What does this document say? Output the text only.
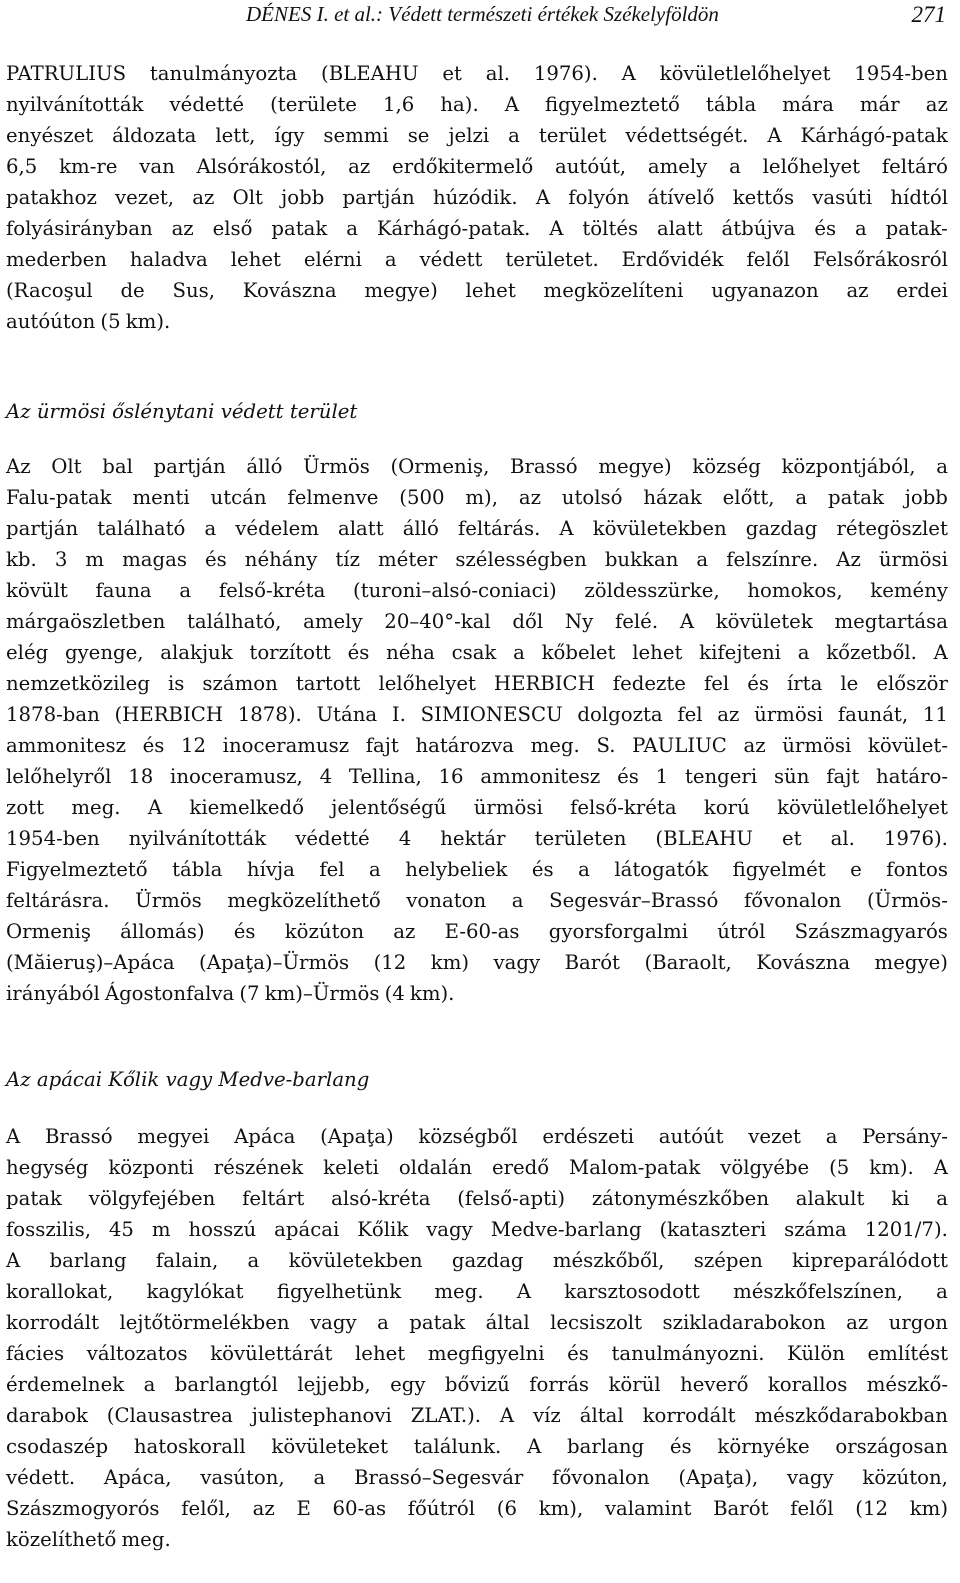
DÉNES I. et al.: Védett természeti értékek Székelyföldön	271
PATRULIUS tanulmányozta (BLEAHU et al. 1976). A kövületlelőhelyet 1954-ben
nyilvánították védetté (területe 1,6 ha). A figyelmeztető tábla mára már az
enyészet áldozata lett, így semmi se jelzi a terület védettségét. A Kárhágó-patak
6,5 km-re van Alsórákostól, az erdőkitermelő autóút, amely a lelőhelyet feltáró
patakhoz vezet, az Olt jobb partján húzódik. A folyón átívelő kettős vasúti hídtól
folyásirányban az első patak a Kárhágó-patak. A töltés alatt átbújva és a patak-
mederben haladva lehet elérni a védett területet. Erdővidék felől Felsőrákosról
(Racoşul de Sus, Kovászna megye) lehet megközelíteni ugyanazon az erdei
autóúton (5 km).
Az ürmösi őslénytani védett terület
Az Olt bal partján álló Ürmös (Ormeniş, Brassó megye) község központjából, a
Falu-patak menti utcán felmenve (500 m), az utolsó házak előtt, a patak jobb
partján található a védelem alatt álló feltárás. A kövületekben gazdag rétegöszlet
kb. 3 m magas és néhány tíz méter szélességben bukkan a felszínre. Az ürmösi
kövült fauna a felső-kréta (turoni–alsó-coniaci) zöldesszürke, homokos, kemény
márgaöszletben található, amely 20–40°-kal dől Ny felé. A kövületek megtartása
elég gyenge, alakjuk torzított és néha csak a kőbelet lehet kifejteni a kőzetből. A
nemzetközileg is számon tartott lelőhelyet HERBICH fedezte fel és írta le először
1878-ban (HERBICH 1878). Utána I. SIMIONESCU dolgozta fel az ürmösi faunát, 11
ammonitesz és 12 inoceramusz fajt határozva meg. S. PAULIUC az ürmösi kövület-
lelőhelyről 18 inoceramusz, 4 Tellina, 16 ammonitesz és 1 tengeri sün fajt határo-
zott meg. A kiemelkedő jelentőségű ürmösi felső-kréta korú kövületlelőhelyet
1954-ben nyilvánították védetté 4 hektár területen (BLEAHU et al. 1976).
Figyelmeztető tábla hívja fel a helybeliek és a látogatók figyelmét e fontos
feltárásra. Ürmös megközelíthető vonaton a Segesvár–Brassó fővonalon (Ürmös-
Ormeniş állomás) és közúton az E-60-as gyorsforgalmi útról Szászmagyarós
(Măieruş)–Apáca (Apaţa)–Ürmös (12 km) vagy Barót (Baraolt, Kovászna megye)
irányából Ágostonfalva (7 km)–Ürmös (4 km).
Az apácai Kőlik vagy Medve-barlang
A Brassó megyei Apáca (Apaţa) községből erdészeti autóút vezet a Persány-
hegység központi részének keleti oldalán eredő Malom-patak völgyébe (5 km). A
patak völgyfejében feltárt alsó-kréta (felső-apti) zátonymészkőben alakult ki a
fosszilis, 45 m hosszú apácai Kőlik vagy Medve-barlang (kataszteri száma 1201/7).
A barlang falain, a kövületekben gazdag mészkőből, szépen kipreparálódott
korallokat, kagylókat figyelhetünk meg. A karsztosodott mészkőfelszínen, a
korrodált lejtőtörmelékben vagy a patak által lecsiszolt szikladarabokon az urgon
fácies változatos kövülettárát lehet megfigyelni és tanulmányozni. Külön említést
érdemelnek a barlangtól lejjebb, egy bővizű forrás körül heverő korallos mészkő-
darabok (Clausastrea julistephanovi ZLAT.). A víz által korrodált mészkődarabokban
csodaszép hatoskorall kövületeket találunk. A barlang és környéke országosan
védett. Apáca, vasúton, a Brassó–Segesvár fővonalon (Apaţa), vagy közúton,
Szászmogyorós felől, az E 60-as főútról (6 km), valamint Barót felől (12 km)
közelíthető meg.
